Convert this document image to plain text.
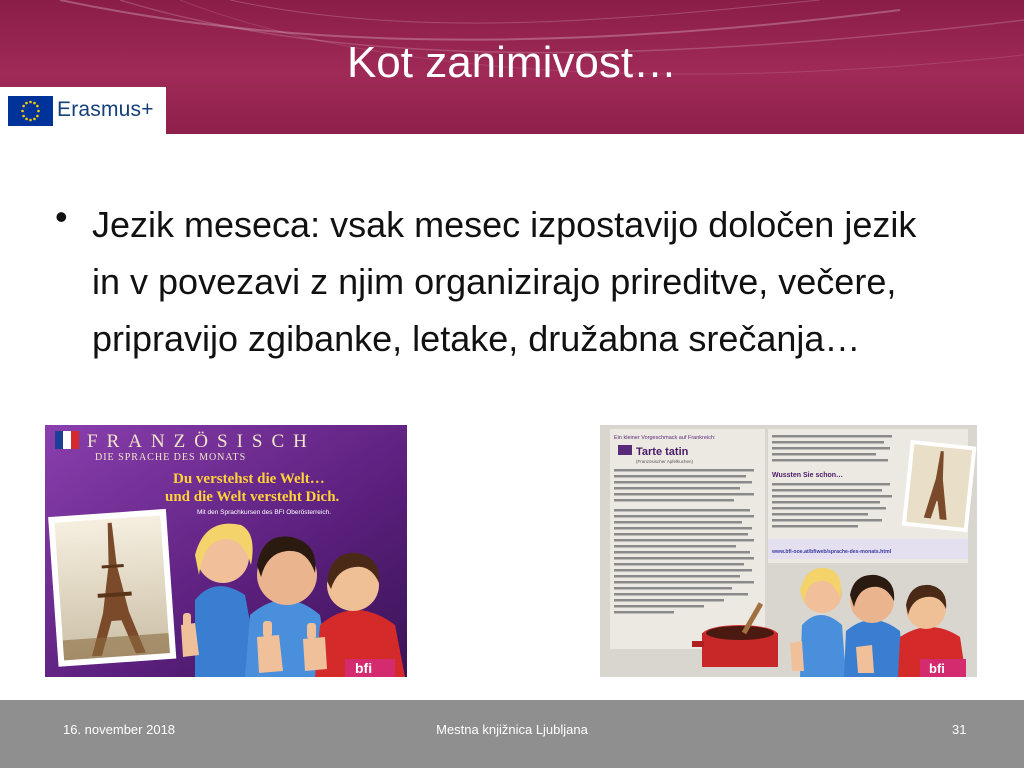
Kot zanimivost…
Erasmus+
• Jezik meseca: vsak mesec izpostavijo določen jezik in v povezavi z njim organizirajo prireditve, večere, pripravijo zgibanke, letake, družabna srečanja…
FRANZÖSISCH
DIE SPRACHE DES MONATS
Du verstehst die Welt…
und die Welt versteht Dich.
Mit den Sprachkursen des BFI Oberösterreich.
bfi
Ein kleiner Vorgeschmack auf Frankreich:
Tarte tatin
(Französischer Apfelkuchen)
Wussten Sie schon…
www.bfi-ooe.at/bfiweb/sprache-des-monats.html
bfi
16. november 2018	Mestna knjižnica Ljubljana	31
